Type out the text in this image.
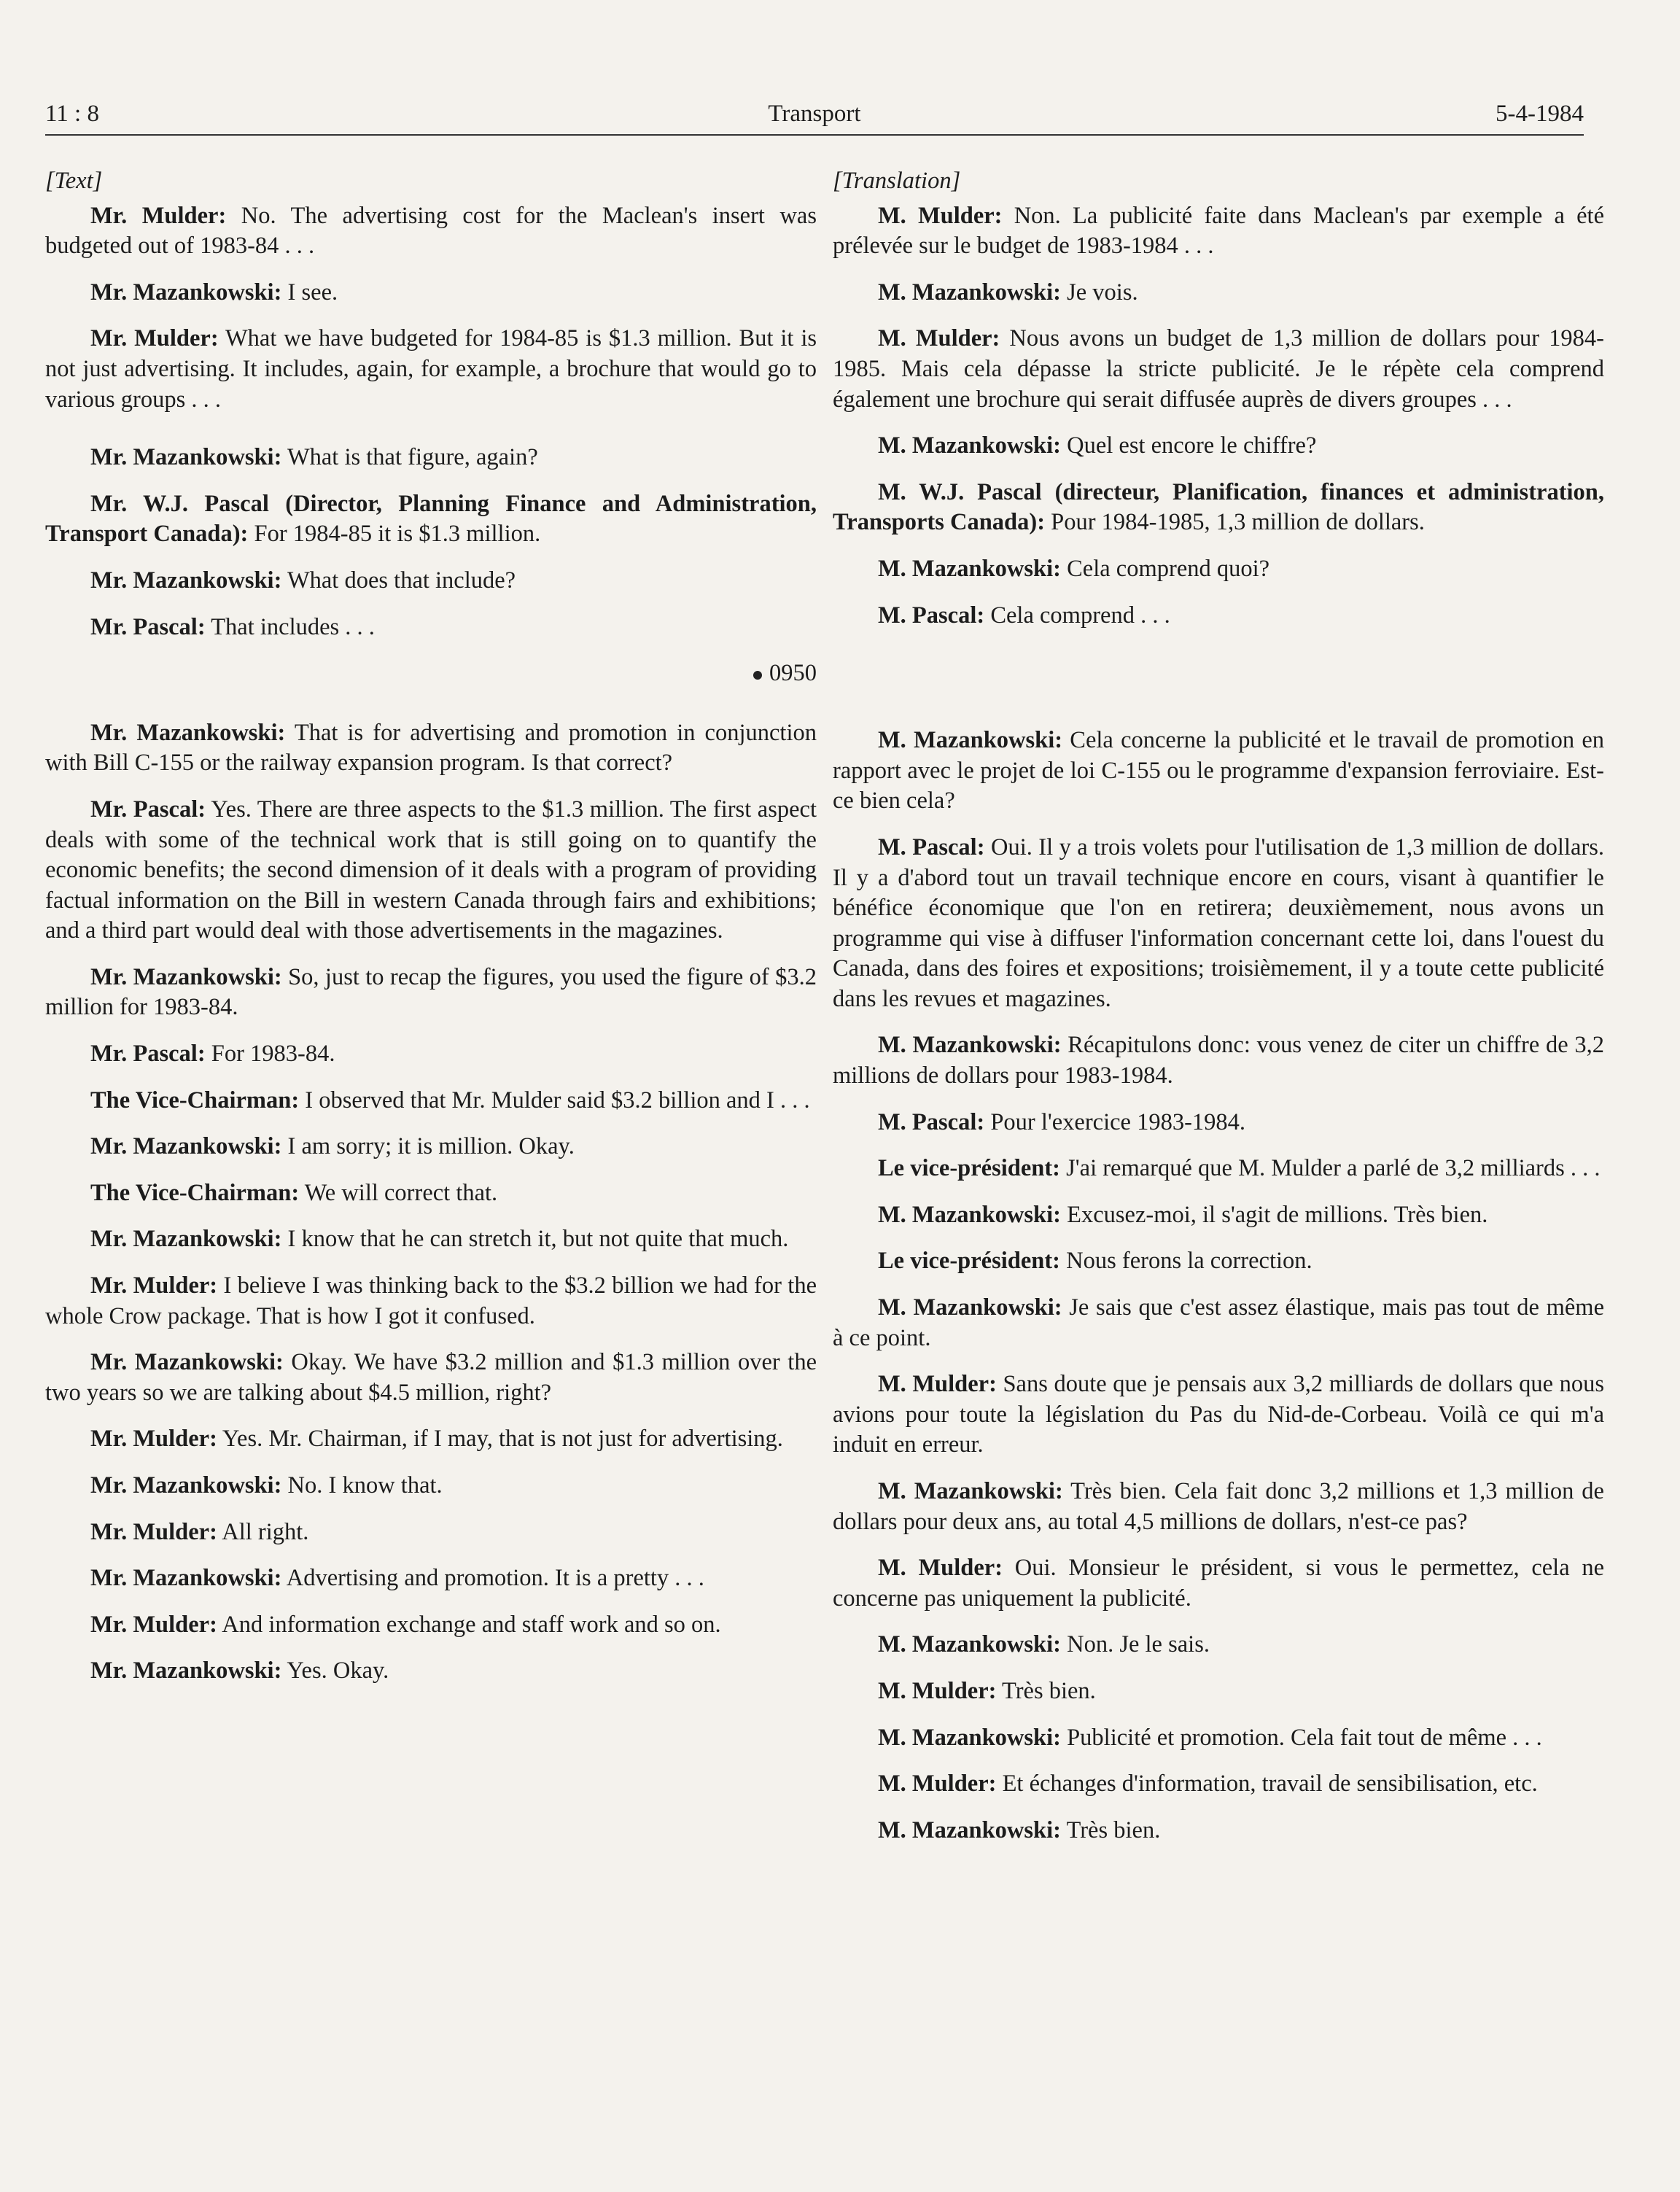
11 : 8	Transport	5-4-1984
[Text]

Mr. Mulder: No. The advertising cost for the Maclean's insert was budgeted out of 1983-84 . . .

Mr. Mazankowski: I see.

Mr. Mulder: What we have budgeted for 1984-85 is $1.3 million. But it is not just advertising. It includes, again, for example, a brochure that would go to various groups . . .

Mr. Mazankowski: What is that figure, again?

Mr. W.J. Pascal (Director, Planning Finance and Administration, Transport Canada): For 1984-85 it is $1.3 million.

Mr. Mazankowski: What does that include?

Mr. Pascal: That includes . . .

0950

Mr. Mazankowski: That is for advertising and promotion in conjunction with Bill C-155 or the railway expansion program. Is that correct?

Mr. Pascal: Yes. There are three aspects to the $1.3 million. The first aspect deals with some of the technical work that is still going on to quantify the economic benefits; the second dimension of it deals with a program of providing factual information on the Bill in western Canada through fairs and exhibitions; and a third part would deal with those advertisements in the magazines.

Mr. Mazankowski: So, just to recap the figures, you used the figure of $3.2 million for 1983-84.

Mr. Pascal: For 1983-84.

The Vice-Chairman: I observed that Mr. Mulder said $3.2 billion and I . . .

Mr. Mazankowski: I am sorry; it is million. Okay.

The Vice-Chairman: We will correct that.

Mr. Mazankowski: I know that he can stretch it, but not quite that much.

Mr. Mulder: I believe I was thinking back to the $3.2 billion we had for the whole Crow package. That is how I got it confused.

Mr. Mazankowski: Okay. We have $3.2 million and $1.3 million over the two years so we are talking about $4.5 million, right?

Mr. Mulder: Yes. Mr. Chairman, if I may, that is not just for advertising.

Mr. Mazankowski: No. I know that.

Mr. Mulder: All right.

Mr. Mazankowski: Advertising and promotion. It is a pretty . . .

Mr. Mulder: And information exchange and staff work and so on.

Mr. Mazankowski: Yes. Okay.

[Translation]

M. Mulder: Non. La publicité faite dans Maclean's par exemple a été prélevée sur le budget de 1983-1984 . . .

M. Mazankowski: Je vois.

M. Mulder: Nous avons un budget de 1,3 million de dollars pour 1984-1985. Mais cela dépasse la stricte publicité. Je le répète cela comprend également une brochure qui serait diffusée auprès de divers groupes . . .

M. Mazankowski: Quel est encore le chiffre?

M. W.J. Pascal (directeur, Planification, finances et administration, Transports Canada): Pour 1984-1985, 1,3 million de dollars.

M. Mazankowski: Cela comprend quoi?

M. Pascal: Cela comprend . . .

M. Mazankowski: Cela concerne la publicité et le travail de promotion en rapport avec le projet de loi C-155 ou le programme d'expansion ferroviaire. Est-ce bien cela?

M. Pascal: Oui. Il y a trois volets pour l'utilisation de 1,3 million de dollars. Il y a d'abord tout un travail technique encore en cours, visant à quantifier le bénéfice économique que l'on en retirera; deuxièmement, nous avons un programme qui vise à diffuser l'information concernant cette loi, dans l'ouest du Canada, dans des foires et expositions; troisièmement, il y a toute cette publicité dans les revues et magazines.

M. Mazankowski: Récapitulons donc: vous venez de citer un chiffre de 3,2 millions de dollars pour 1983-1984.

M. Pascal: Pour l'exercice 1983-1984.

Le vice-président: J'ai remarqué que M. Mulder a parlé de 3,2 milliards . . .

M. Mazankowski: Excusez-moi, il s'agit de millions. Très bien.

Le vice-président: Nous ferons la correction.

M. Mazankowski: Je sais que c'est assez élastique, mais pas tout de même à ce point.

M. Mulder: Sans doute que je pensais aux 3,2 milliards de dollars que nous avions pour toute la législation du Pas du Nid-de-Corbeau. Voilà ce qui m'a induit en erreur.

M. Mazankowski: Très bien. Cela fait donc 3,2 millions et 1,3 million de dollars pour deux ans, au total 4,5 millions de dollars, n'est-ce pas?

M. Mulder: Oui. Monsieur le président, si vous le permettez, cela ne concerne pas uniquement la publicité.

M. Mazankowski: Non. Je le sais.

M. Mulder: Très bien.

M. Mazankowski: Publicité et promotion. Cela fait tout de même . . .

M. Mulder: Et échanges d'information, travail de sensibilisation, etc.

M. Mazankowski: Très bien.
